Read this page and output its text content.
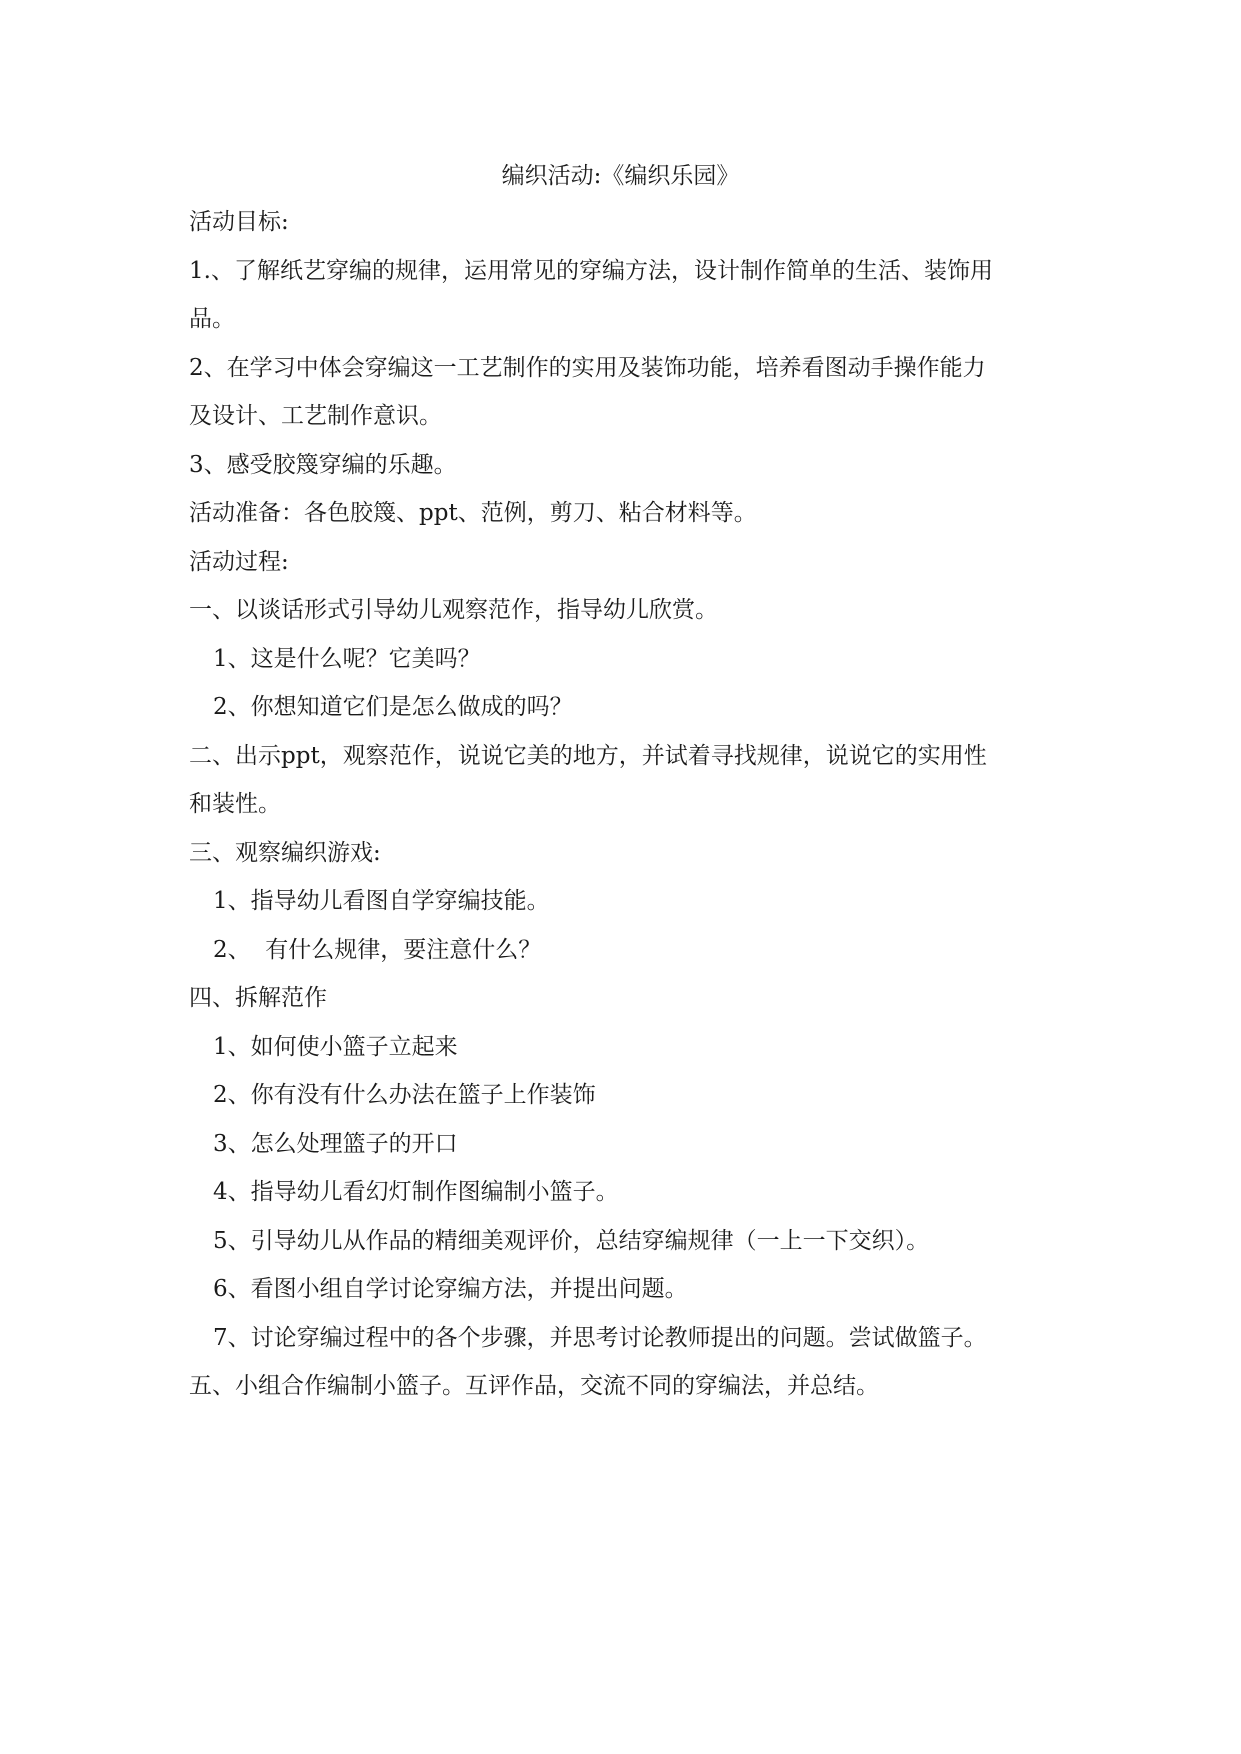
编织活动:《编织乐园》
活动目标:
1.、了解纸艺穿编的规律，运用常见的穿编方法，设计制作简单的生活、装饰用
品。
2、在学习中体会穿编这一工艺制作的实用及装饰功能，培养看图动手操作能力
及设计、工艺制作意识。
3、感受胶篾穿编的乐趣。
活动准备：各色胶篾、ppt、范例，剪刀、粘合材料等。
活动过程:
一、以谈话形式引导幼儿观察范作，指导幼儿欣赏。
1、这是什么呢？它美吗？
2、你想知道它们是怎么做成的吗？
二、出示ppt，观察范作，说说它美的地方，并试着寻找规律，说说它的实用性
和装性。
三、观察编织游戏:
1、指导幼儿看图自学穿编技能。
2、  有什么规律，要注意什么？
四、拆解范作
1、如何使小篮子立起来
2、你有没有什么办法在篮子上作装饰
3、怎么处理篮子的开口
4、指导幼儿看幻灯制作图编制小篮子。
5、引导幼儿从作品的精细美观评价，总结穿编规律（一上一下交织）。
6、看图小组自学讨论穿编方法，并提出问题。
7、讨论穿编过程中的各个步骤，并思考讨论教师提出的问题。尝试做篮子。
五、小组合作编制小篮子。互评作品，交流不同的穿编法，并总结。
